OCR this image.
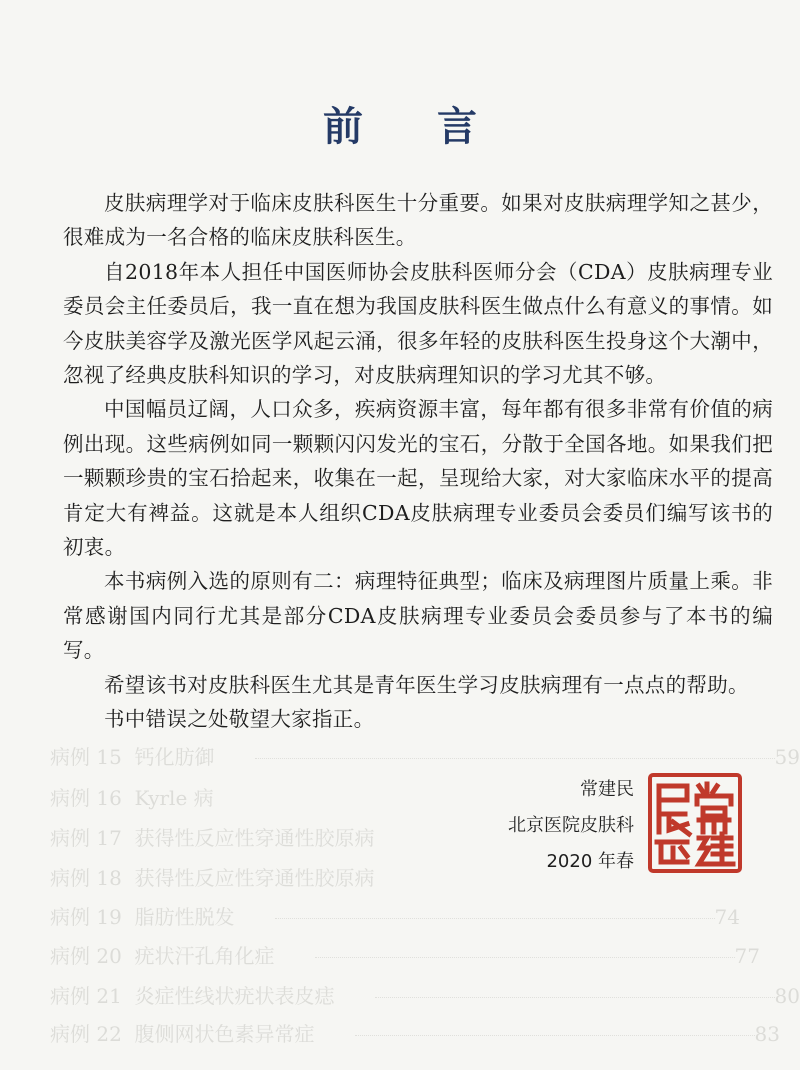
病例 15 钙化肪御	59
病例 16 Kyrle 病
病例 17 获得性反应性穿通性胶原病
病例 18 获得性反应性穿通性胶原病
病例 19 脂肪性脱发	74
病例 20 疣状汗孔角化症	77
病例 21 炎症性线状疣状表皮痣	80
病例 22 腹侧网状色素异常症	83
前 言

皮肤病理学对于临床皮肤科医生十分重要。如果对皮肤病理学知之甚少，很难成为一名合格的临床皮肤科医生。

自2018年本人担任中国医师协会皮肤科医师分会（CDA）皮肤病理专业委员会主任委员后，我一直在想为我国皮肤科医生做点什么有意义的事情。如今皮肤美容学及激光医学风起云涌，很多年轻的皮肤科医生投身这个大潮中，忽视了经典皮肤科知识的学习，对皮肤病理知识的学习尤其不够。

中国幅员辽阔，人口众多，疾病资源丰富，每年都有很多非常有价值的病例出现。这些病例如同一颗颗闪闪发光的宝石，分散于全国各地。如果我们把一颗颗珍贵的宝石拾起来，收集在一起，呈现给大家，对大家临床水平的提高肯定大有裨益。这就是本人组织CDA皮肤病理专业委员会委员们编写该书的初衷。

本书病例入选的原则有二：病理特征典型；临床及病理图片质量上乘。非常感谢国内同行尤其是部分CDA皮肤病理专业委员会委员参与了本书的编写。

希望该书对皮肤科医生尤其是青年医生学习皮肤病理有一点点的帮助。

书中错误之处敬望大家指正。

常建民
北京医院皮肤科
2020 年春
